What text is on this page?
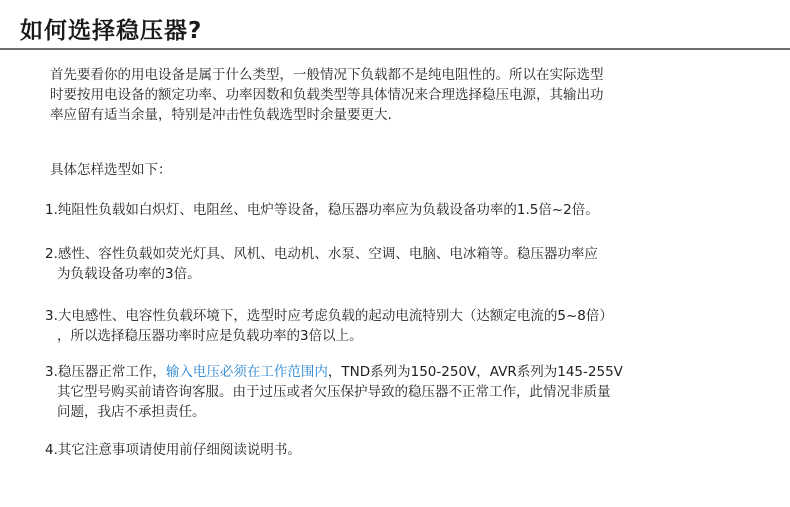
如何选择稳压器?
首先要看你的用电设备是属于什么类型，一般情况下负载都不是纯电阻性的。所以在实际选型
时要按用电设备的额定功率、功率因数和负载类型等具体情况来合理选择稳压电源，其输出功
率应留有适当余量，特别是冲击性负载选型时余量要更大.
具体怎样选型如下：
1.纯阻性负载如白炽灯、电阻丝、电炉等设备，稳压器功率应为负载设备功率的1.5倍~2倍。
2.感性、容性负载如荧光灯具、风机、电动机、水泵、空调、电脑、电冰箱等。稳压器功率应
为负载设备功率的3倍。
3.大电感性、电容性负载环境下，选型时应考虑负载的起动电流特别大（达额定电流的5~8倍）
，所以选择稳压器功率时应是负载功率的3倍以上。
3.稳压器正常工作，输入电压必须在工作范围内，TND系列为150-250V，AVR系列为145-255V
其它型号购买前请咨询客服。由于过压或者欠压保护导致的稳压器不正常工作，此情况非质量
问题，我店不承担责任。
4.其它注意事项请使用前仔细阅读说明书。
